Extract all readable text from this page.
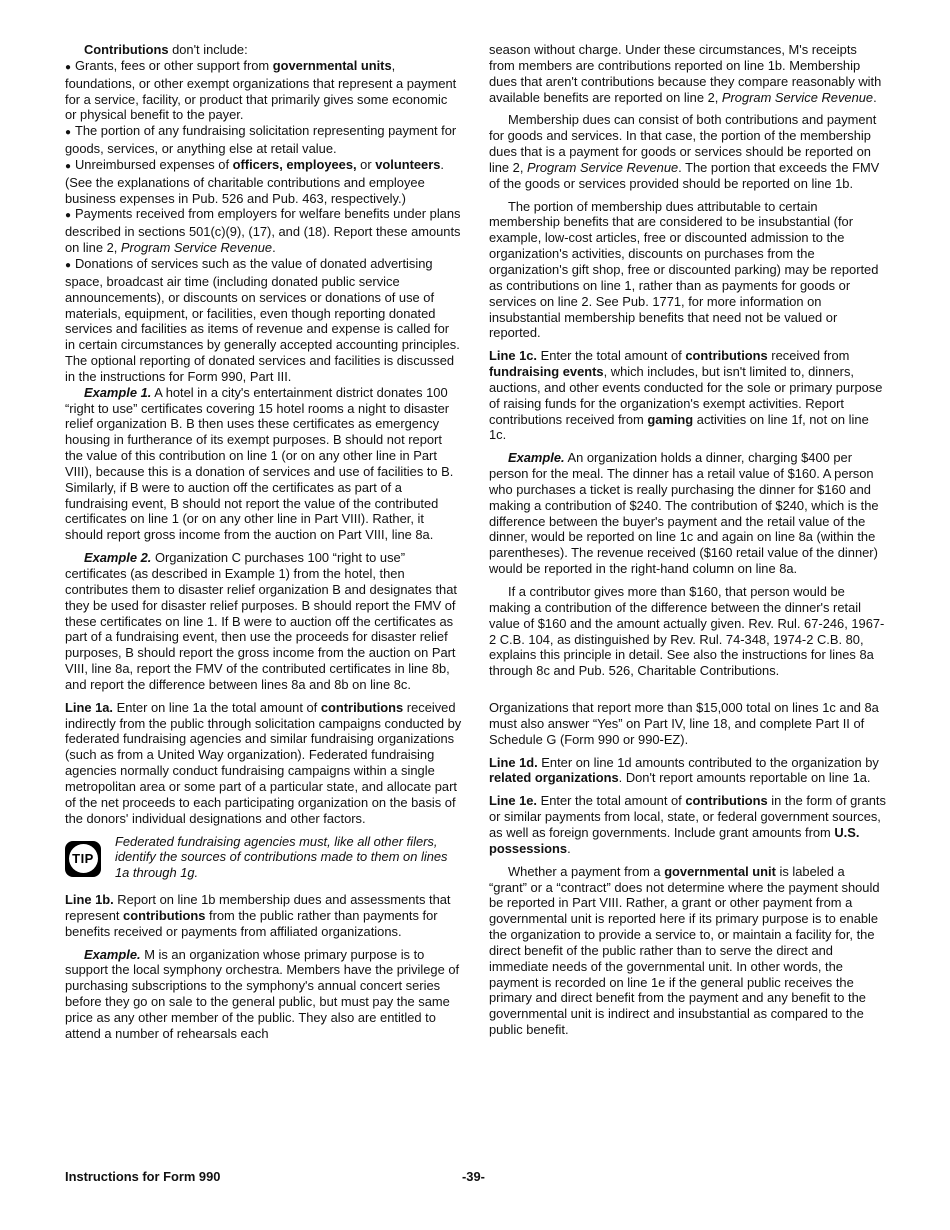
Contributions don't include:

● Grants, fees or other support from governmental units, foundations, or other exempt organizations that represent a payment for a service, facility, or product that primarily gives some economic or physical benefit to the payer.

● The portion of any fundraising solicitation representing payment for goods, services, or anything else at retail value.

● Unreimbursed expenses of officers, employees, or volunteers. (See the explanations of charitable contributions and employee business expenses in Pub. 526 and Pub. 463, respectively.)

● Payments received from employers for welfare benefits under plans described in sections 501(c)(9), (17), and (18). Report these amounts on line 2, Program Service Revenue.

● Donations of services such as the value of donated advertising space, broadcast air time (including donated public service announcements), or discounts on services or donations of use of materials, equipment, or facilities, even though reporting donated services and facilities as items of revenue and expense is called for in certain circumstances by generally accepted accounting principles. The optional reporting of donated services and facilities is discussed in the instructions for Form 990, Part III.

Example 1. A hotel in a city's entertainment district donates 100 “right to use” certificates covering 15 hotel rooms a night to disaster relief organization B. B then uses these certificates as emergency housing in furtherance of its exempt purposes. B should not report the value of this contribution on line 1 (or on any other line in Part VIII), because this is a donation of services and use of facilities to B. Similarly, if B were to auction off the certificates as part of a fundraising event, B should not report the value of the contributed certificates on line 1 (or on any other line in Part VIII). Rather, it should report gross income from the auction on Part VIII, line 8a.

Example 2. Organization C purchases 100 “right to use” certificates (as described in Example 1) from the hotel, then contributes them to disaster relief organization B and designates that they be used for disaster relief purposes. B should report the FMV of these certificates on line 1. If B were to auction off the certificates as part of a fundraising event, then use the proceeds for disaster relief purposes, B should report the gross income from the auction on Part VIII, line 8a, report the FMV of the contributed certificates in line 8b, and report the difference between lines 8a and 8b on line 8c.

Line 1a. Enter on line 1a the total amount of contributions received indirectly from the public through solicitation campaigns conducted by federated fundraising agencies and similar fundraising organizations (such as from a United Way organization). Federated fundraising agencies normally conduct fundraising campaigns within a single metropolitan area or some part of a particular state, and allocate part of the net proceeds to each participating organization on the basis of the donors' individual designations and other factors.

TIP
Federated fundraising agencies must, like all other filers, identify the sources of contributions made to them on lines 1a through 1g.

Line 1b. Report on line 1b membership dues and assessments that represent contributions from the public rather than payments for benefits received or payments from affiliated organizations.

Example. M is an organization whose primary purpose is to support the local symphony orchestra. Members have the privilege of purchasing subscriptions to the symphony's annual concert series before they go on sale to the general public, but must pay the same price as any other member of the public. They also are entitled to attend a number of rehearsals each

season without charge. Under these circumstances, M's receipts from members are contributions reported on line 1b. Membership dues that aren't contributions because they compare reasonably with available benefits are reported on line 2, Program Service Revenue.

Membership dues can consist of both contributions and payment for goods and services. In that case, the portion of the membership dues that is a payment for goods or services should be reported on line 2, Program Service Revenue. The portion that exceeds the FMV of the goods or services provided should be reported on line 1b.

The portion of membership dues attributable to certain membership benefits that are considered to be insubstantial (for example, low-cost articles, free or discounted admission to the organization's activities, discounts on purchases from the organization's gift shop, free or discounted parking) may be reported as contributions on line 1, rather than as payments for goods or services on line 2. See Pub. 1771, for more information on insubstantial membership benefits that need not be valued or reported.

Line 1c. Enter the total amount of contributions received from fundraising events, which includes, but isn't limited to, dinners, auctions, and other events conducted for the sole or primary purpose of raising funds for the organization's exempt activities. Report contributions received from gaming activities on line 1f, not on line 1c.

Example. An organization holds a dinner, charging $400 per person for the meal. The dinner has a retail value of $160. A person who purchases a ticket is really purchasing the dinner for $160 and making a contribution of $240. The contribution of $240, which is the difference between the buyer's payment and the retail value of the dinner, would be reported on line 1c and again on line 8a (within the parentheses). The revenue received ($160 retail value of the dinner) would be reported in the right-hand column on line 8a.

If a contributor gives more than $160, that person would be making a contribution of the difference between the dinner's retail value of $160 and the amount actually given. Rev. Rul. 67-246, 1967-2 C.B. 104, as distinguished by Rev. Rul. 74-348, 1974-2 C.B. 80, explains this principle in detail. See also the instructions for lines 8a through 8c and Pub. 526, Charitable Contributions.

Organizations that report more than $15,000 total on lines 1c and 8a must also answer “Yes” on Part IV, line 18, and complete Part II of Schedule G (Form 990 or 990-EZ).

Line 1d. Enter on line 1d amounts contributed to the organization by related organizations. Don't report amounts reportable on line 1a.

Line 1e. Enter the total amount of contributions in the form of grants or similar payments from local, state, or federal government sources, as well as foreign governments. Include grant amounts from U.S. possessions.

Whether a payment from a governmental unit is labeled a “grant” or a “contract” does not determine where the payment should be reported in Part VIII. Rather, a grant or other payment from a governmental unit is reported here if its primary purpose is to enable the organization to provide a service to, or maintain a facility for, the direct benefit of the public rather than to serve the direct and immediate needs of the governmental unit. In other words, the payment is recorded on line 1e if the general public receives the primary and direct benefit from the payment and any benefit to the governmental unit is indirect and insubstantial as compared to the public benefit.

Instructions for Form 990	-39-
